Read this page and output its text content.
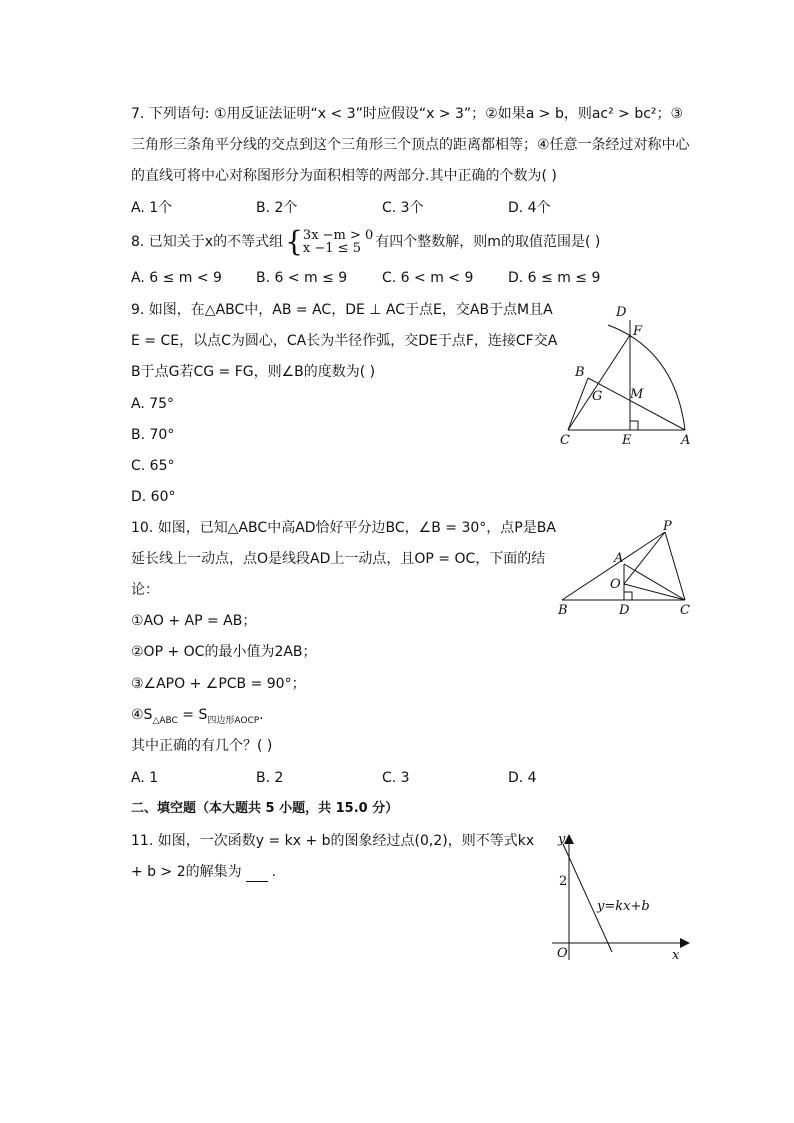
7. 下列语句: ①用反证法证明“x < 3”时应假设“x > 3”；②如果a > b，则ac² > bc²；③
三角形三条角平分线的交点到这个三角形三个顶点的距离都相等；④任意一条经过对称中心
的直线可将中心对称图形分为面积相等的两部分.其中正确的个数为( )
A. 1个	B. 2个	C. 3个	D. 4个
8. 已知关于x的不等式组{3x −m > 0
x −1 ≤ 5 有四个整数解，则m的取值范围是( )
A. 6 ≤ m < 9 B. 6 < m ≤ 9 C. 6 < m < 9 D. 6 ≤ m ≤ 9
9. 如图，在△ABC中，AB = AC，DE ⊥ AC于点E，交AB于点M且A
E = CE，以点C为圆心，CA长为半径作弧，交DE于点F，连接CF交A
B于点G若CG = FG，则∠B的度数为( )
A. 75°
B. 70°
C. 65°
D. 60°
D
F
B
G M
C	E	A
10. 如图，已知△ABC中高AD恰好平分边BC，∠B = 30°，点P是BA
延长线上一动点，点O是线段AD上一动点，且OP = OC，下面的结
论：
①AO + AP = AB；
②OP + OC的最小值为2AB；
③∠APO + ∠PCB = 90°；
$④S_{\triangle ABC} = S_{四边形AOCP}$.
其中正确的有几个？( )
A. 1	B. 2	C. 3	D. 4
P
A
O
B	D	C
二、填空题（本大题共 5 小题，共 15.0 分）
11. 如图，一次函数y = kx + b的图象经过点(0,2)，则不等式kx
+ b > 2的解集为 .
y
2
y=kx+b
O	x
